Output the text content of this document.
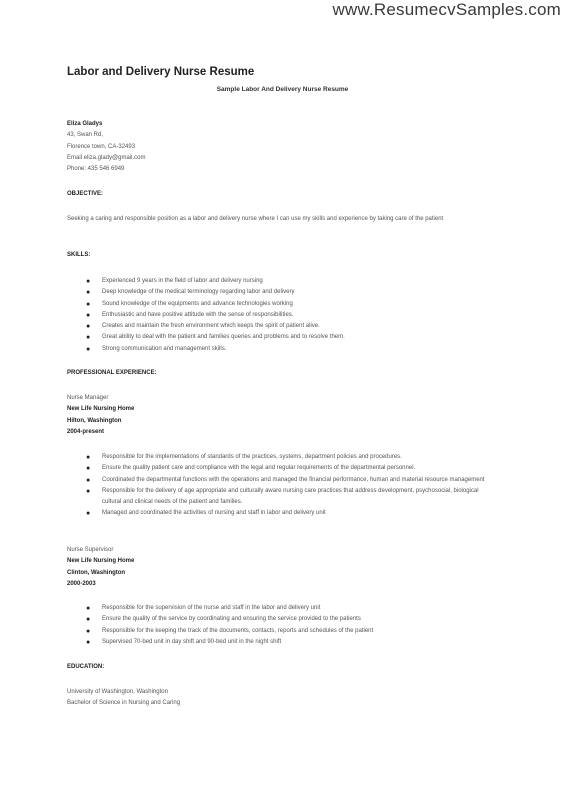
www.ResumecvSamples.com
Labor and Delivery Nurse Resume
Sample Labor And Delivery Nurse Resume
Eliza Gladys
43, Swan Rd,
Florence town, CA-32493
Email eliza.glady@gmail.com
Phone: 435 546 6949
OBJECTIVE:
Seeking a caring and responsible position as a labor and delivery nurse where I can use my skills and experience by taking care of the patient
SKILLS:
● Experienced 9 years in the field of labor and delivery nursing
● Deep knowledge of the medical terminology regarding labor and delivery
● Sound knowledge of the equipments and advance technologies working
● Enthusiastic and have positive attitude with the sense of responsibilities.
● Creates and maintain the fresh environment which keeps the spirit of patient alive.
● Great ability to deal with the patient and families queries and problems and to resolve them.
● Strong communication and management skills.
PROFESSIONAL EXPERIENCE:
Nurse Manager
New Life Nursing Home
Hilton, Washington
2004-present
● Responsible for the implementations of standards of the practices, systems, department policies and procedures.
● Ensure the quality patient care and compliance with the legal and regular requirements of the departmental personnel.
● Coordinated the departmental functions with the operations and managed the financial performance, human and material resource management
● Responsible for the delivery of age appropriate and culturally aware nursing care practices that address development, psychosocial, biological cultural and clinical needs of the patient and families.
● Managed and coordinated the activities of nursing and staff in labor and delivery unit
Nurse Supervisor
New Life Nursing Home
Clinton, Washington
2000-2003
● Responsible for the supervision of the nurse and staff in the labor and delivery unit
● Ensure the quality of the service by coordinating and ensuring the service provided to the patients
● Responsible for the keeping the track of the documents, contacts, reports and schedules of the patient
● Supervised 70-bed unit in day shift and 90-bed unit in the night shift
EDUCATION:
University of Washington, Washington
Bachelor of Science in Nursing and Caring
